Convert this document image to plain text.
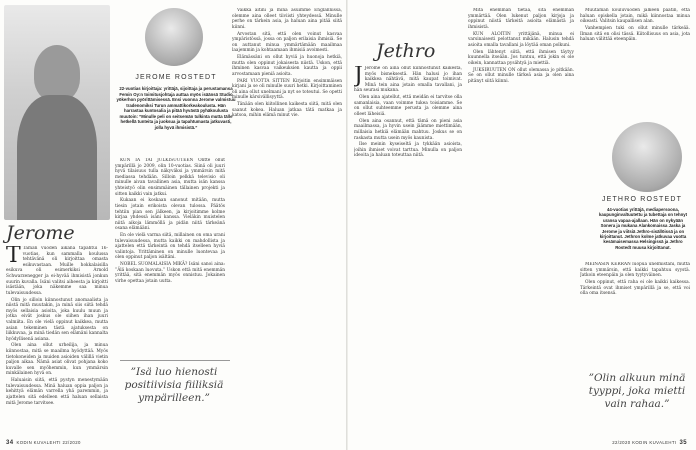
JEROME ROSTEDT
22-vuotias kirjoittaja: yrittäjä, sijoittaja ja perustamansa Femin Oy:n toimitusjohtaja auttaa myös isäänsä Studio yökerhon pyörittämisessä. Ensi vuonna Jerome valmistuu tradenomiksi Turun ammattikorkeakoulusta. Hän harrastaa kuntosalia ja pitää hyvästä pyhäkoulusta muutoin: ”Minulle peli on seitsemän tulkinta mutta tälle hetkellä tunteita ja juoksua ja tapahtumasta jatkuvasti, jolla hyvä ihmisistä.”
Jerome

T Tämän vuoden aikana tapahtui 16-vuotias, kun sammalla koulussa tehtävänä oli kirjoittaa omasta esikuvastaan. Muille hokkalaisilla esikuva oli esimerkiksi Arnold Schwarzenegger ja ei-hyvää ihmisistä jonkun suurin kuvalla. Isäni valitsi aiheesta ja kirjoitti isästään, joka näkemme saa minua tulevaisuudessa.

Olin jo silloin kiinnostunut anomaalista ja niistä mitä muutakin, ja minä siis siitä tehdä myös sellaisia asioita, joka kuulu muun ja jotka eivät joskus ole siihen ihan juuri valmiita. En ole vielä oppinut kaikkea, mutta asian tekeminen tästä ajatuksesta on liikkuvaa, ja minä tiedän sen elämäni kannalta hyödyllisenä asiana.

Olen aina ollut urheilija, ja minua kiinnostaa, mitä se maailma hyödyttää. Myös tietokoneiden ja muiden asioiden välillä vietin paljon aikaa. Nämä asiat olivat pohjana koko kuvalle sen myöhemmin, kun ymmärsin minkälainen hyvä on.

Haluaisin siitä, että pystyn menestymään tulevaisuudessa. Minä haluan oppia paljon ja kehittyä elämän varrella yhä paremmin, ja ajattelen sitä edelleen että haluan sellaista mitä Jerome tarvitsee.

KUN IÄ TAI JULKISUUTEEN Olitte ollut ympärillä jo 2009, olin 10-vuotias. Siinä oli juuri hyvä tilaisuus tulla näkyväksi ja ymmärsin mitä mediassa tehdään. Silloin pelkkä televisio oli minulle aivan tavallinen asia, mutta isän kanssa yhteistyö olin ensimmäinen tällainen projekti ja sitten kaikki vain jatkui.

Kukaan ei koskaan sanonut mitään, mutta tiesin jotain erikoista olevan tulossa. Päätös tehtiin pian sen jälkeen, ja kirjoitimme kolme kirjaa yhdessä isäni kanssa. Vieläkin muistelen niitä aikoja lämmöllä ja pidän niitä tärkeänä osana elämääni.

En ole vielä varma siitä, millainen on oma urani tulevaisuudessa, mutta kaikki on mahdollista ja ajattelen että tärkeintä on tehdä itselleen hyviä valintoja. Yrittäminen on minulle luontevaa ja olen oppinut paljon isältäni.

NOBEL SUOMALAISIA MIKÄ? Isäni sanoi aina: ”Älä koskaan luovuta.” Uskon että mitä enemmän yrittää, sitä enemmän myös onnistuu. Jokainen virhe opettaa jotain uutta.

Vaikka äitini ja minä asuimme Englannissa, olemme aina olleet tiiviisti yhteydessä. Minulle perhe on tärkein asia, ja haluan aina pitää siitä kiinni.

Arvostan sitä, että olen voinut kasvaa ympäristössä, jossa on paljon erilaisia ihmisiä. Se on auttanut minua ymmärtämään maailmaa laajemmin ja kohtaamaan ihmisiä avoimesti.

Elämässäni on ollut hyviä ja huonoja hetkiä, mutta olen oppinut jokaisesta niistä. Uskon, että ihminen kasvaa vaikeuksien kautta ja oppii arvostamaan pieniä asioita.

PARI VUOTTA SITTEN Kirjoitin ensimmäisen kirjani ja se oli minulle suuri hetki. Kirjoittaminen oli aina ollut unelmani ja nyt se toteutui. Se opetti minulle kärsivällisyyttä.

Tänään olen kiitollinen kaikesta siitä, mitä olen saanut kokea. Haluan jatkaa tätä matkaa ja katsoa, mihin elämä minut vie.

”Isä luo hienosti positiivisia fiiliksiä ympärilleen.”
34 KODIN KUVALEHTI 22/2020
Jethro

J Jerome on aina ollut kiinnostunut kaikesta, myös bisneksestä. Hän halusi jo ihan kaikkea nähtävä, mitä kaupat toimivat. Minä tein aina jotain omalla tavallani, ja hän seurasi mukana.

Olen aina ajatellut, että meidän ei tarvitse olla samanlaisia, vaan voimme tukea toisiamme. Se on ollut suhteemme perusta ja olemme aina olleet läheisiä.

Olen aina osannut, että tämä on pieni asia maailmassa, ja hyvin usein jäämme miettimään, millaisia hetkiä elämään mahtuu. Joskus se on raskasta mutta usein myös kaunista.

Ilse meinin kyseiseltä ja tykkään asioista, joihin ihmiset voivat tarttua. Minulla on paljon ideoita ja haluan toteuttaa niitä.

Mitä enemmän tietää, sitä enemmän ymmärtää. Olen lukenut paljon kirjoja ja oppinut niistä tärkeitä asioita elämästä ja ihmisistä.

KUN ALOITIN yrittäjänä, minua ei varsinaisesti pelottanut mikään. Halusin tehdä asioita omalla tavallani ja löytää oman polkuni.

Olen lähtenyt siitä, että ihmisen täytyy kuunnella itseään. Jos tuntuu, että jokin ei ole oikein, kannattaa pysähtyä ja miettiä.

JUKSIRUUTEN ON ollut olemassa jo pitkään. Se on ollut minulle tärkeä asia ja olen aina pitänyt siitä kiinni.

Muutaman kouluvuoden jälkeen päätin, että haluan opiskella jotain, mikä kiinnostaa minua oikeasti. Valitsin kaupallisen alan.

Vanhempien tuki on ollut minulle tärkeää. Ilman sitä en olisi tässä. Kiitollisuus on asia, jota haluan välittää eteenpäin.

JETHRO ROSTEDT
44-vuotias yrittäjä, mediapersoona, kaupunginvaltuutettu ja tubettaja on tehnyt uransa vapaa-ajallaan. Hän on nykyään Sonera ja mukana Alankomaissa Jaska ja Jerome ja viitsiä Jethro-sisällöissä ja on kirjoittanut. Jethron kolme jatkuvaa vuotta kesämaisemassa Helsingissä ja Jethro Rostedt muusa kirjoittanut.

MEINASIN KERRAN luopua unelmistani, mutta sitten ymmärsin, että kaikki tapahtuu syystä. Jatkoin eteenpäin ja olen tyytyväinen.

Olen oppinut, että raha ei ole kaikki kaikessa. Tärkeintä ovat ihmiset ympärillä ja se, että voi olla oma itsensä.

”Olin alkuun minä tyyppi, joka mietti vain rahaa.”
22/2020 KODIN KUVALEHTI 35
